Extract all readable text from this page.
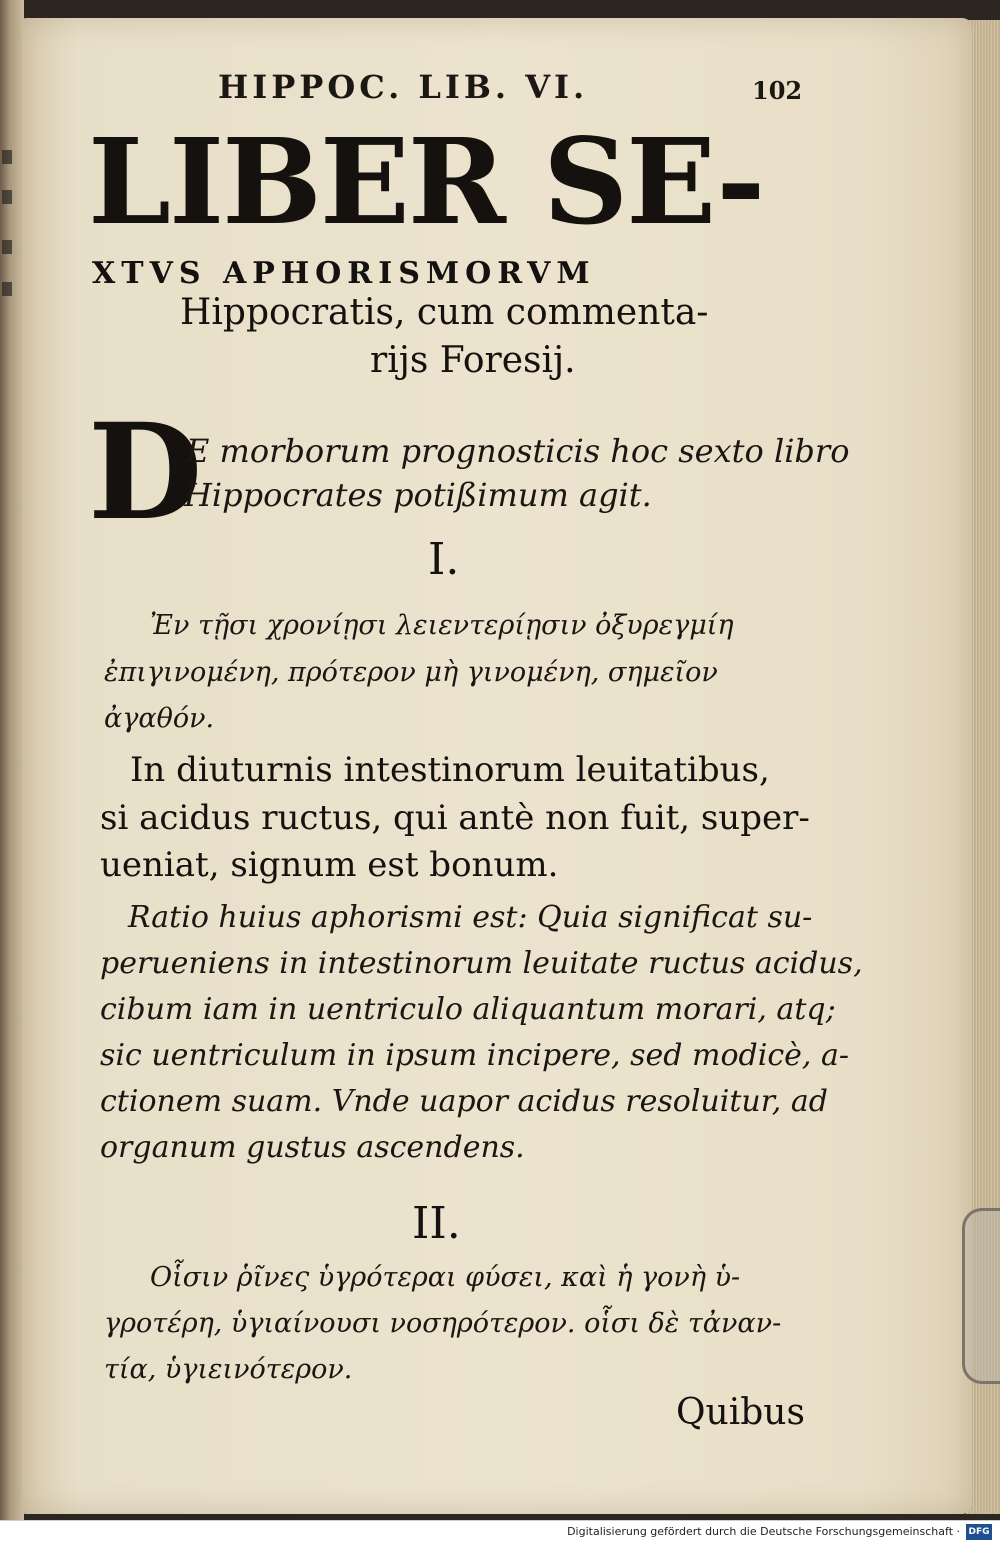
HIPPOC. LIB. VI.	102
LIBER SE-
XTVS APHORISMORVM
Hippocratis, cum commenta-
rijs Foresij.
D
E morborum prognosticis hoc sexto libro
Hippocrates potißimum agit.
I.
Ἐν τῇσι χρονίῃσι λειεντερίῃσιν ὀξυρεγμίη
ἐπιγινομένη, πρότερον μὴ γινομένη, σημεῖον
ἀγαθόν.
In diuturnis intestinorum leuitatibus,
si acidus ructus, qui antè non fuit, super-
ueniat, signum est bonum.
Ratio huius aphorismi est: Quia significat su-
perueniens in intestinorum leuitate ructus acidus,
cibum iam in uentriculo aliquantum morari, atq;
sic uentriculum in ipsum incipere, sed modicè, a-
ctionem suam. Vnde uapor acidus resoluitur, ad
organum gustus ascendens.
II.
Οἷσιν ῥῖνες ὑγρότεραι φύσει, καὶ ἡ γονὴ ὑ-
γροτέρη, ὑγιαίνουσι νοσηρότερον. οἷσι δὲ τἀναν-
τία, ὑγιεινότερον.
Quibus
Digitalisierung gefördert durch die Deutsche Forschungsgemeinschaft · DFG
